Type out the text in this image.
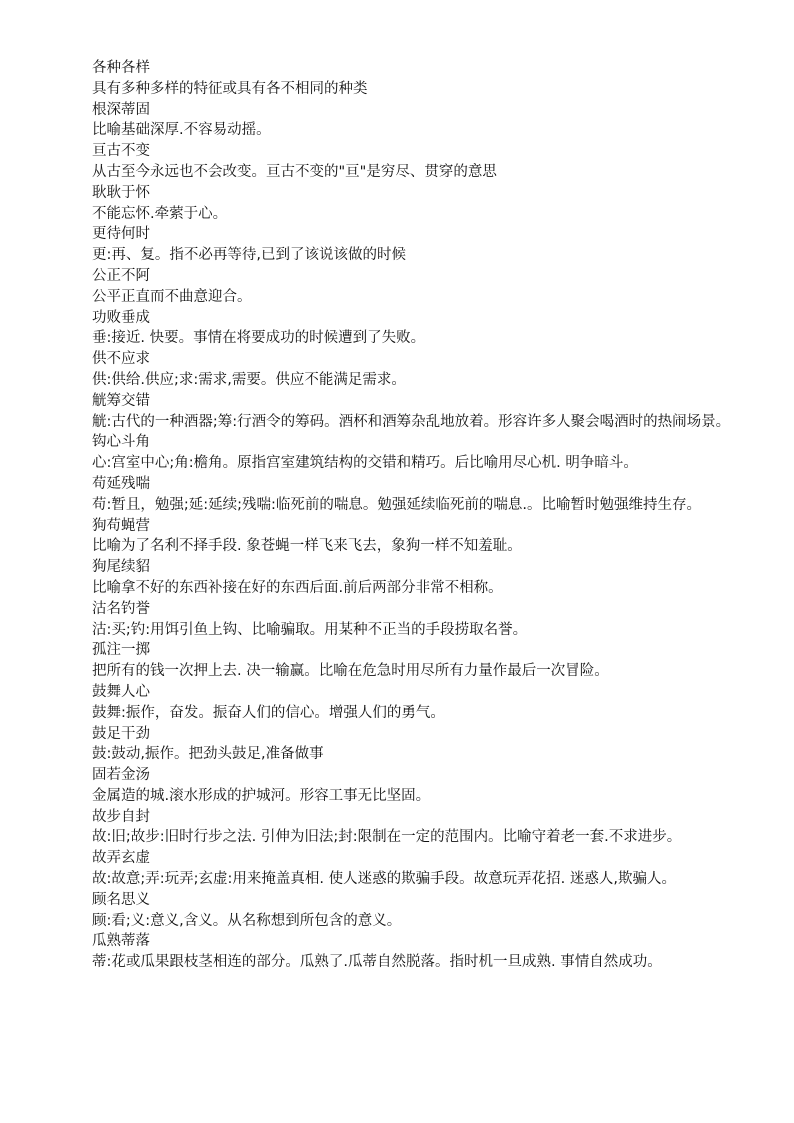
各种各样
具有多种多样的特征或具有各不相同的种类
根深蒂固
比喻基础深厚.不容易动摇。
亘古不变
从古至今永远也不会改变。亘古不变的"亘"是穷尽、贯穿的意思
耿耿于怀
不能忘怀.牵萦于心。
更待何时
更:再、复。指不必再等待,已到了该说该做的时候
公正不阿
公平正直而不曲意迎合。
功败垂成
垂:接近. 快要。事情在将要成功的时候遭到了失败。
供不应求
供:供给.供应;求:需求,需要。供应不能满足需求。
觥筹交错
觥:古代的一种酒器;筹:行酒令的筹码。酒杯和酒筹杂乱地放着。形容许多人聚会喝酒时的热闹场景。
钩心斗角
心:宫室中心;角:檐角。原指宫室建筑结构的交错和精巧。后比喻用尽心机. 明争暗斗。
苟延残喘
苟:暂且，勉强;延:延续;残喘:临死前的喘息。勉强延续临死前的喘息.。比喻暂时勉强维持生存。
狗苟蝇营
比喻为了名利不择手段. 象苍蝇一样飞来飞去，象狗一样不知羞耻。
狗尾续貂
比喻拿不好的东西补接在好的东西后面.前后两部分非常不相称。
沽名钓誉
沽:买;钓:用饵引鱼上钩、比喻骗取。用某种不正当的手段捞取名誉。
孤注一掷
把所有的钱一次押上去. 决一输赢。比喻在危急时用尽所有力量作最后一次冒险。
鼓舞人心
鼓舞:振作，奋发。振奋人们的信心。增强人们的勇气。
鼓足干劲
鼓:鼓动,振作。把劲头鼓足,准备做事
固若金汤
金属造的城.滚水形成的护城河。形容工事无比坚固。
故步自封
故:旧;故步:旧时行步之法. 引伸为旧法;封:限制在一定的范围内。比喻守着老一套.不求进步。
故弄玄虚
故:故意;弄:玩弄;玄虚:用来掩盖真相. 使人迷惑的欺骗手段。故意玩弄花招. 迷惑人,欺骗人。
顾名思义
顾:看;义:意义,含义。从名称想到所包含的意义。
瓜熟蒂落
蒂:花或瓜果跟枝茎相连的部分。瓜熟了.瓜蒂自然脱落。指时机一旦成熟. 事情自然成功。
